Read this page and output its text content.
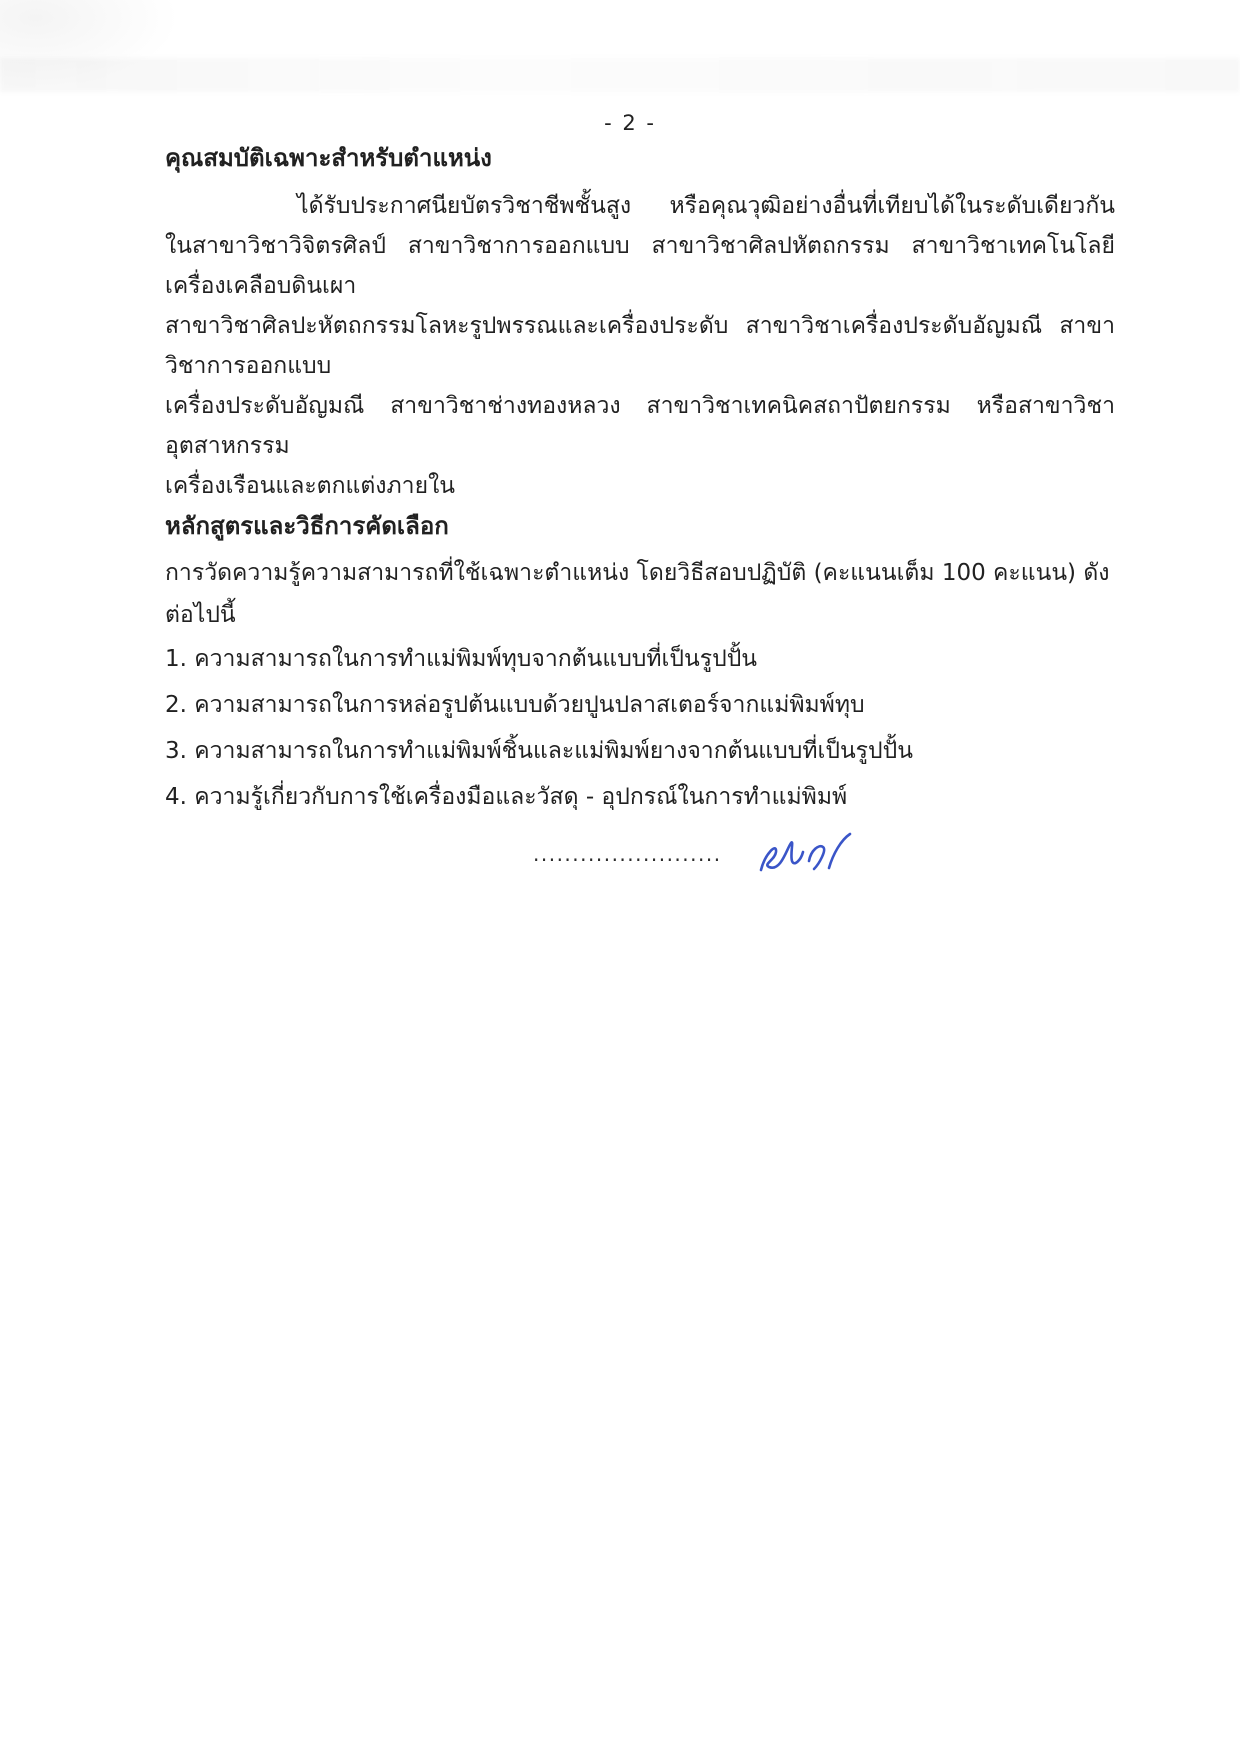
- 2 -
คุณสมบัติเฉพาะสำหรับตำแหน่ง
ได้รับประกาศนียบัตรวิชาชีพชั้นสูง หรือคุณวุฒิอย่างอื่นที่เทียบได้ในระดับเดียวกัน
ในสาขาวิชาวิจิตรศิลป์ สาขาวิชาการออกแบบ สาขาวิชาศิลปหัตถกรรม สาขาวิชาเทคโนโลยีเครื่องเคลือบดินเผา
สาขาวิชาศิลปะหัตถกรรมโลหะรูปพรรณและเครื่องประดับ สาขาวิชาเครื่องประดับอัญมณี สาขาวิชาการออกแบบ
เครื่องประดับอัญมณี สาขาวิชาช่างทองหลวง สาขาวิชาเทคนิคสถาปัตยกรรม หรือสาขาวิชาอุตสาหกรรม
เครื่องเรือนและตกแต่งภายใน
หลักสูตรและวิธีการคัดเลือก
การวัดความรู้ความสามารถที่ใช้เฉพาะตำแหน่ง โดยวิธีสอบปฏิบัติ (คะแนนเต็ม 100 คะแนน) ดังต่อไปนี้
1. ความสามารถในการทำแม่พิมพ์ทุบจากต้นแบบที่เป็นรูปปั้น
2. ความสามารถในการหล่อรูปต้นแบบด้วยปูนปลาสเตอร์จากแม่พิมพ์ทุบ
3. ความสามารถในการทำแม่พิมพ์ชิ้นและแม่พิมพ์ยางจากต้นแบบที่เป็นรูปปั้น
4. ความรู้เกี่ยวกับการใช้เครื่องมือและวัสดุ - อุปกรณ์ในการทำแม่พิมพ์
........................
